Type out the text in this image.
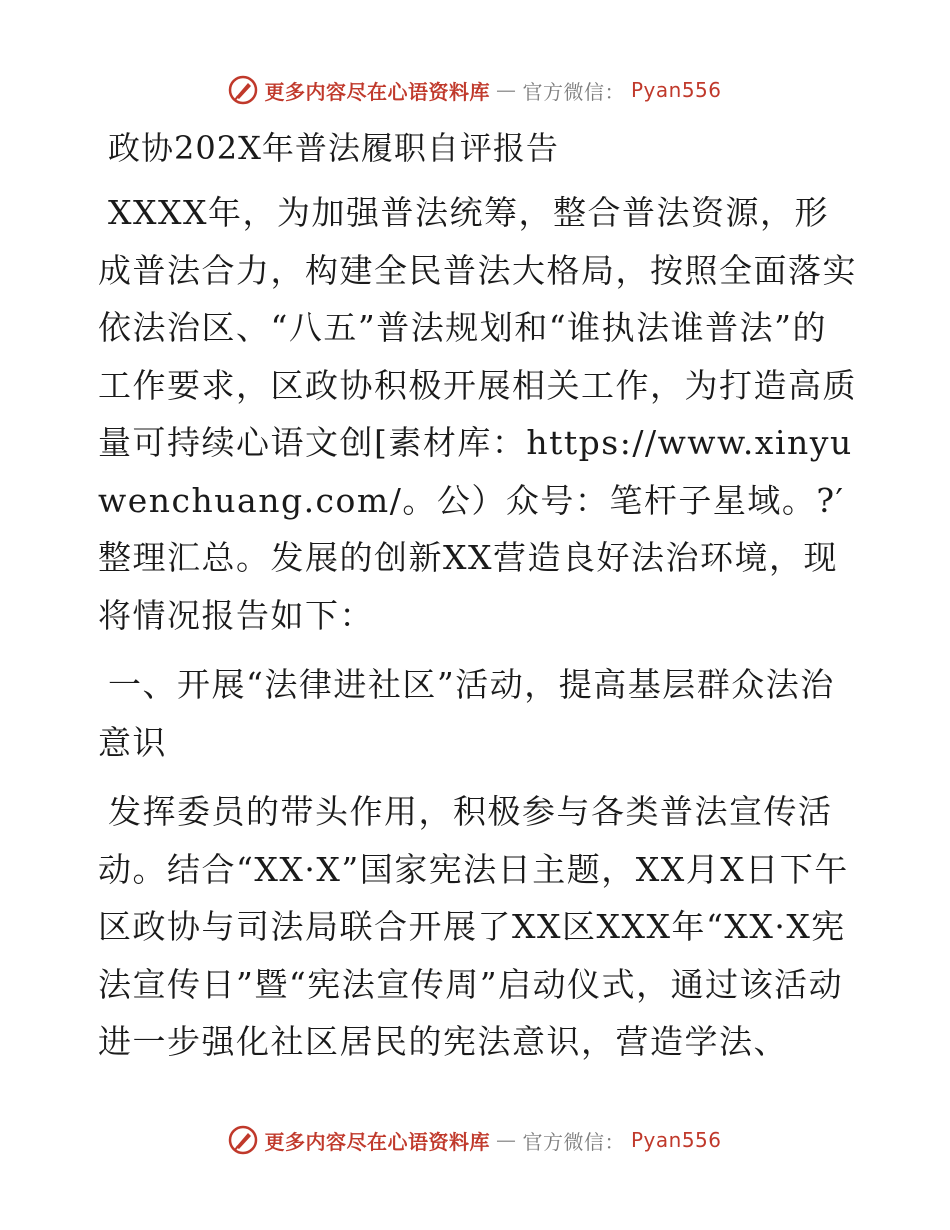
更多内容尽在心语资料库 — 官方微信： Pyan556
政协202X年普法履职自评报告

XXXX年，为加强普法统筹，整合普法资源，形成普法合力，构建全民普法大格局，按照全面落实依法治区、“八五”普法规划和“谁执法谁普法”的工作要求，区政协积极开展相关工作，为打造高质量可持续心语文创[素材库：https://www.xinyuwenchuang.com/。公）众号：笔杆子星域。?′整理汇总。发展的创新XX营造良好法治环境，现将情况报告如下：

一、开展“法律进社区”活动，提高基层群众法治意识

发挥委员的带头作用，积极参与各类普法宣传活动。结合“XX·X”国家宪法日主题，XX月X日下午区政协与司法局联合开展了XX区XXX年“XX·X宪法宣传日”暨“宪法宣传周”启动仪式，通过该活动进一步强化社区居民的宪法意识，营造学法、

更多内容尽在心语资料库 — 官方微信： Pyan556
